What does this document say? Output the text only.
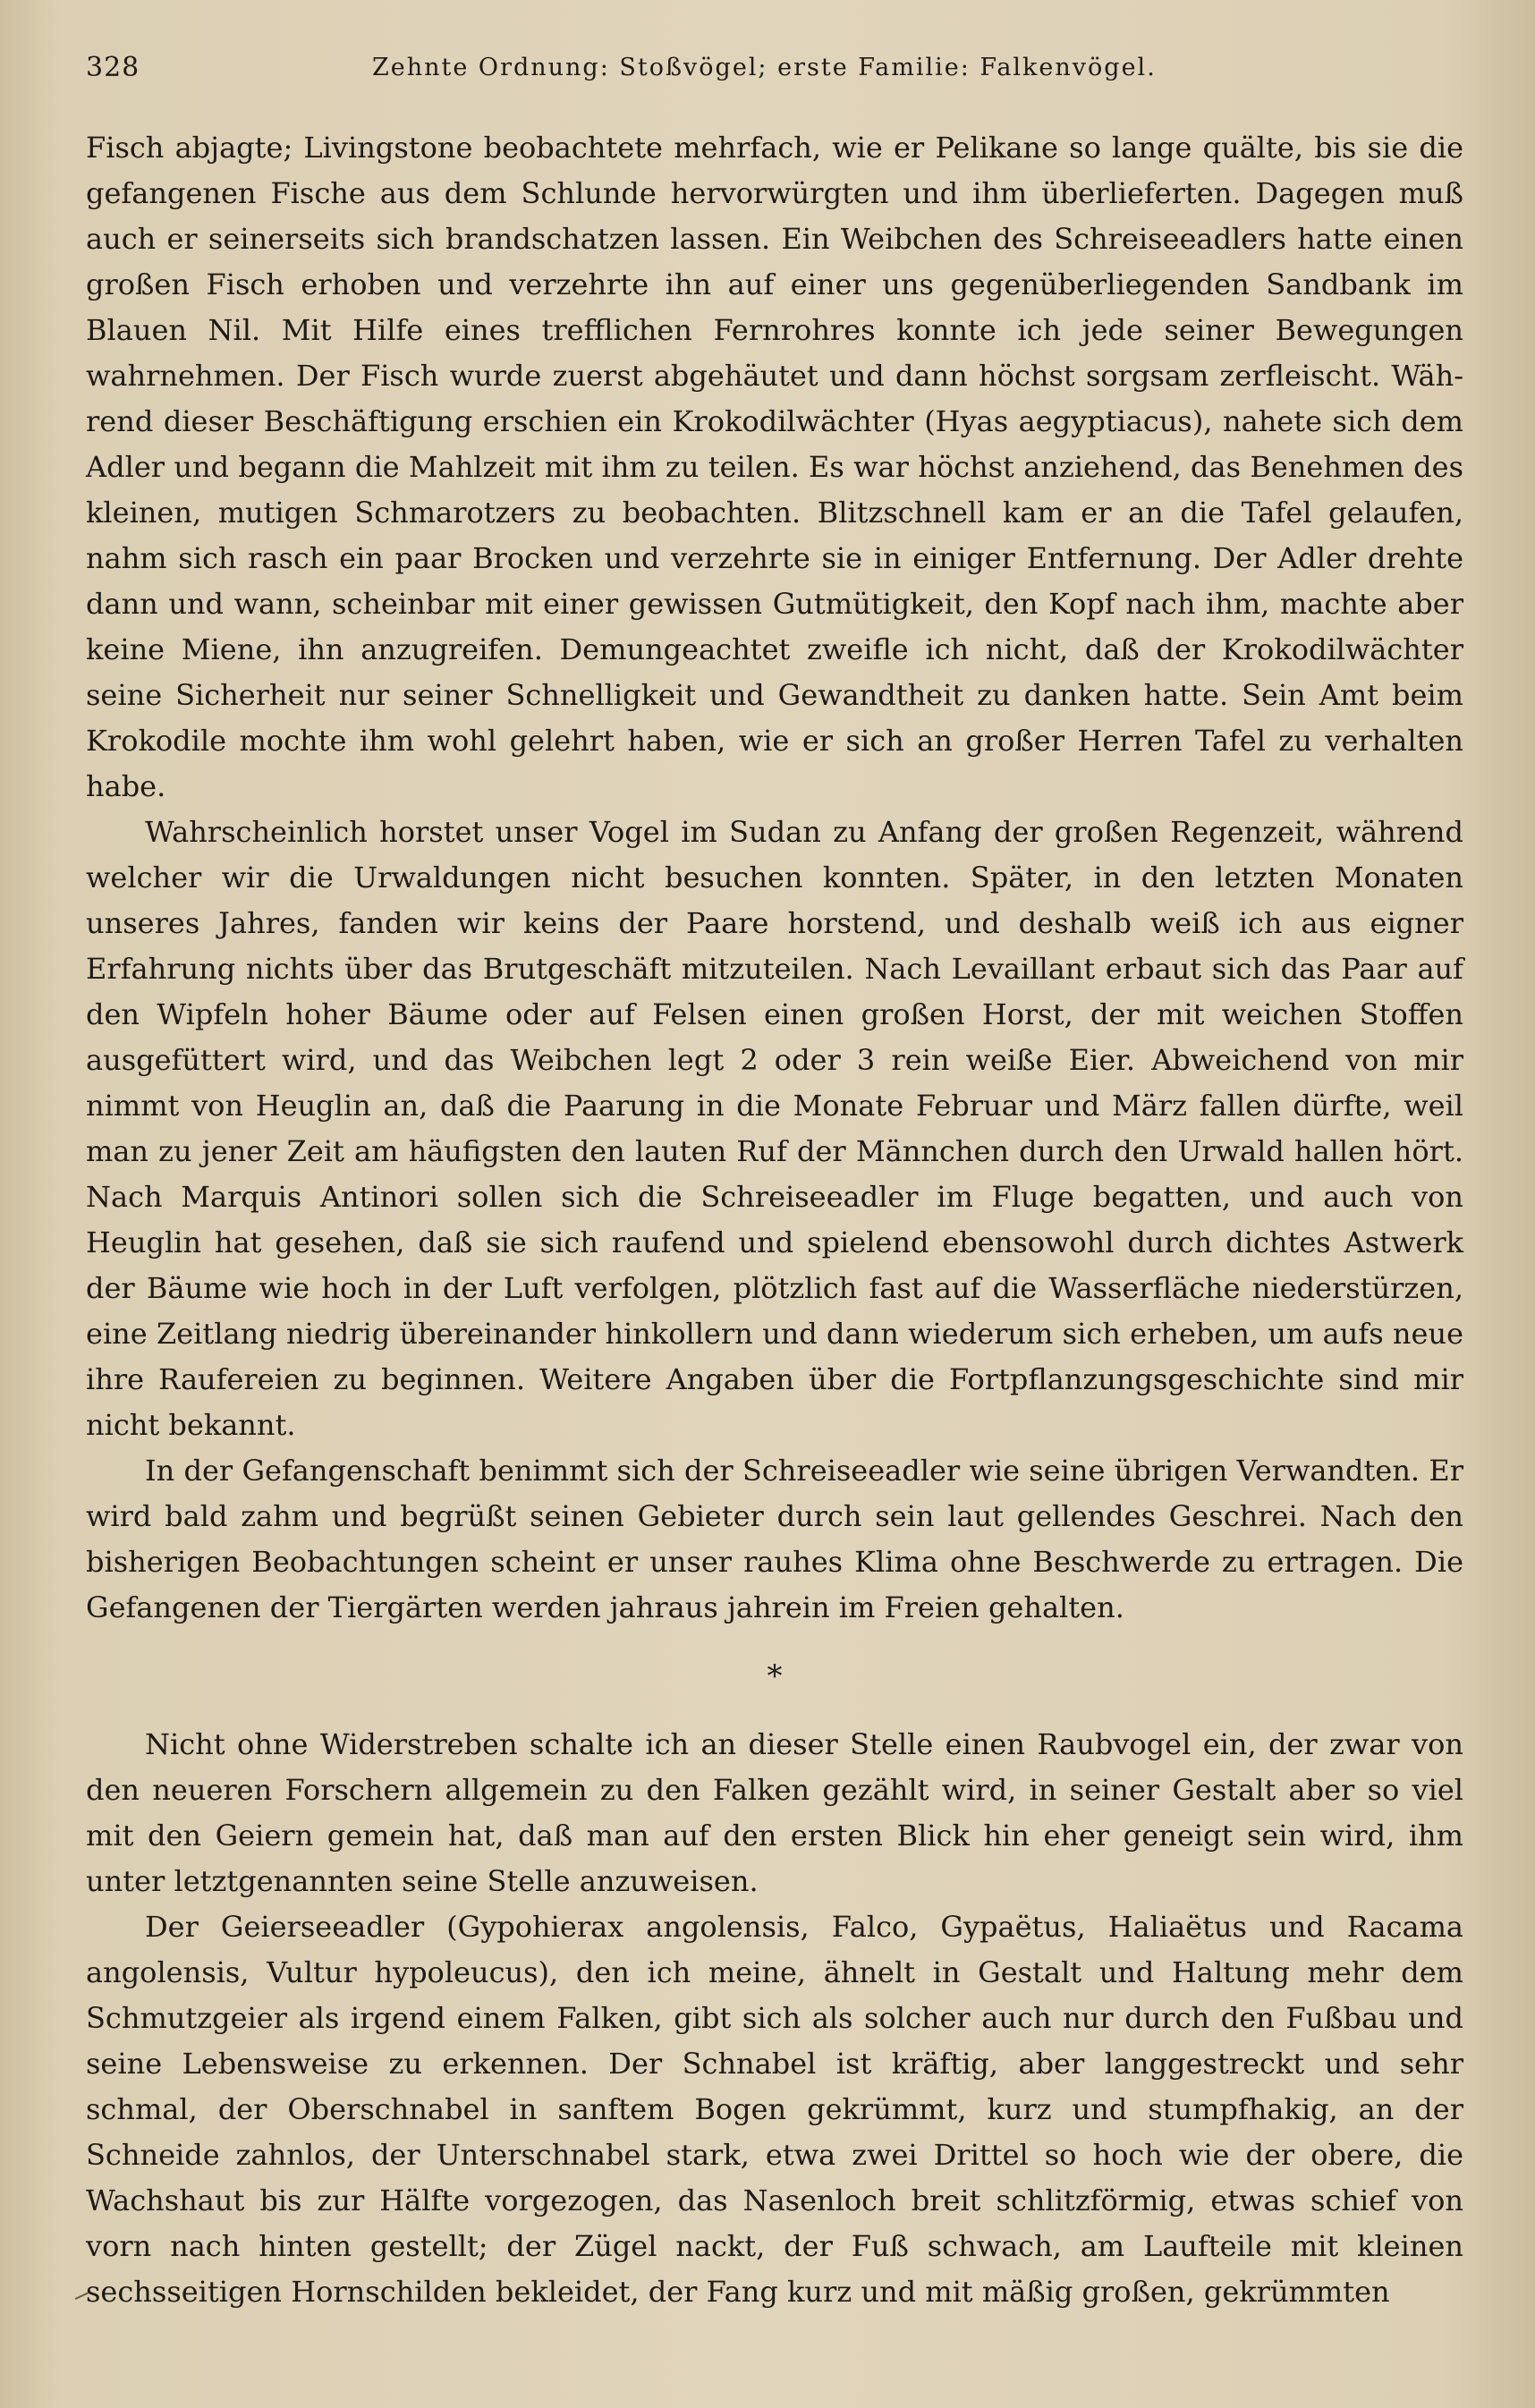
328	Zehnte Ordnung: Stoßvögel; erste Familie: Falkenvögel.

Fisch abjagte; Livingstone beobachtete mehrfach, wie er Pelikane so lange quälte, bis sie die gefangenen Fische aus dem Schlunde hervorwürgten und ihm überlieferten. Dagegen muß auch er seinerseits sich brandschatzen lassen. Ein Weibchen des Schreiseeadlers hatte einen großen Fisch erhoben und verzehrte ihn auf einer uns gegenüberliegenden Sandbank im Blauen Nil. Mit Hilfe eines trefflichen Fernrohres konnte ich jede seiner Bewegungen wahrnehmen. Der Fisch wurde zuerst abgehäutet und dann höchst sorgsam zerfleischt. Während dieser Beschäftigung erschien ein Krokodilwächter (Hyas aegyptiacus), nahete sich dem Adler und begann die Mahlzeit mit ihm zu teilen. Es war höchst anziehend, das Benehmen des kleinen, mutigen Schmarotzers zu beobachten. Blitzschnell kam er an die Tafel gelaufen, nahm sich rasch ein paar Brocken und verzehrte sie in einiger Entfernung. Der Adler drehte dann und wann, scheinbar mit einer gewissen Gutmütigkeit, den Kopf nach ihm, machte aber keine Miene, ihn anzugreifen. Demungeachtet zweifle ich nicht, daß der Krokodilwächter seine Sicherheit nur seiner Schnelligkeit und Gewandtheit zu danken hatte. Sein Amt beim Krokodile mochte ihm wohl gelehrt haben, wie er sich an großer Herren Tafel zu verhalten habe.

Wahrscheinlich horstet unser Vogel im Sudan zu Anfang der großen Regenzeit, während welcher wir die Urwaldungen nicht besuchen konnten. Später, in den letzten Monaten unseres Jahres, fanden wir keins der Paare horstend, und deshalb weiß ich aus eigner Erfahrung nichts über das Brutgeschäft mitzuteilen. Nach Levaillant erbaut sich das Paar auf den Wipfeln hoher Bäume oder auf Felsen einen großen Horst, der mit weichen Stoffen ausgefüttert wird, und das Weibchen legt 2 oder 3 rein weiße Eier. Abweichend von mir nimmt von Heuglin an, daß die Paarung in die Monate Februar und März fallen dürfte, weil man zu jener Zeit am häufigsten den lauten Ruf der Männchen durch den Urwald hallen hört. Nach Marquis Antinori sollen sich die Schreiseeadler im Fluge begatten, und auch von Heuglin hat gesehen, daß sie sich raufend und spielend ebensowohl durch dichtes Astwerk der Bäume wie hoch in der Luft verfolgen, plötzlich fast auf die Wasserfläche niederstürzen, eine Zeitlang niedrig übereinander hinkollern und dann wiederum sich erheben, um aufs neue ihre Raufereien zu beginnen. Weitere Angaben über die Fortpflanzungsgeschichte sind mir nicht bekannt.

In der Gefangenschaft benimmt sich der Schreiseeadler wie seine übrigen Verwandten. Er wird bald zahm und begrüßt seinen Gebieter durch sein laut gellendes Geschrei. Nach den bisherigen Beobachtungen scheint er unser rauhes Klima ohne Beschwerde zu ertragen. Die Gefangenen der Tiergärten werden jahraus jahrein im Freien gehalten.

*

Nicht ohne Widerstreben schalte ich an dieser Stelle einen Raubvogel ein, der zwar von den neueren Forschern allgemein zu den Falken gezählt wird, in seiner Gestalt aber so viel mit den Geiern gemein hat, daß man auf den ersten Blick hin eher geneigt sein wird, ihm unter letztgenannten seine Stelle anzuweisen.

Der Geierseeadler (Gypohierax angolensis, Falco, Gypaëtus, Haliaëtus und Racama angolensis, Vultur hypoleucus), den ich meine, ähnelt in Gestalt und Haltung mehr dem Schmutzgeier als irgend einem Falken, gibt sich als solcher auch nur durch den Fußbau und seine Lebensweise zu erkennen. Der Schnabel ist kräftig, aber langgestreckt und sehr schmal, der Oberschnabel in sanftem Bogen gekrümmt, kurz und stumpfhakig, an der Schneide zahnlos, der Unterschnabel stark, etwa zwei Drittel so hoch wie der obere, die Wachshaut bis zur Hälfte vorgezogen, das Nasenloch breit schlitzförmig, etwas schief von vorn nach hinten gestellt; der Zügel nackt, der Fuß schwach, am Laufteile mit kleinen sechsseitigen Hornschilden bekleidet, der Fang kurz und mit mäßig großen, gekrümmten
